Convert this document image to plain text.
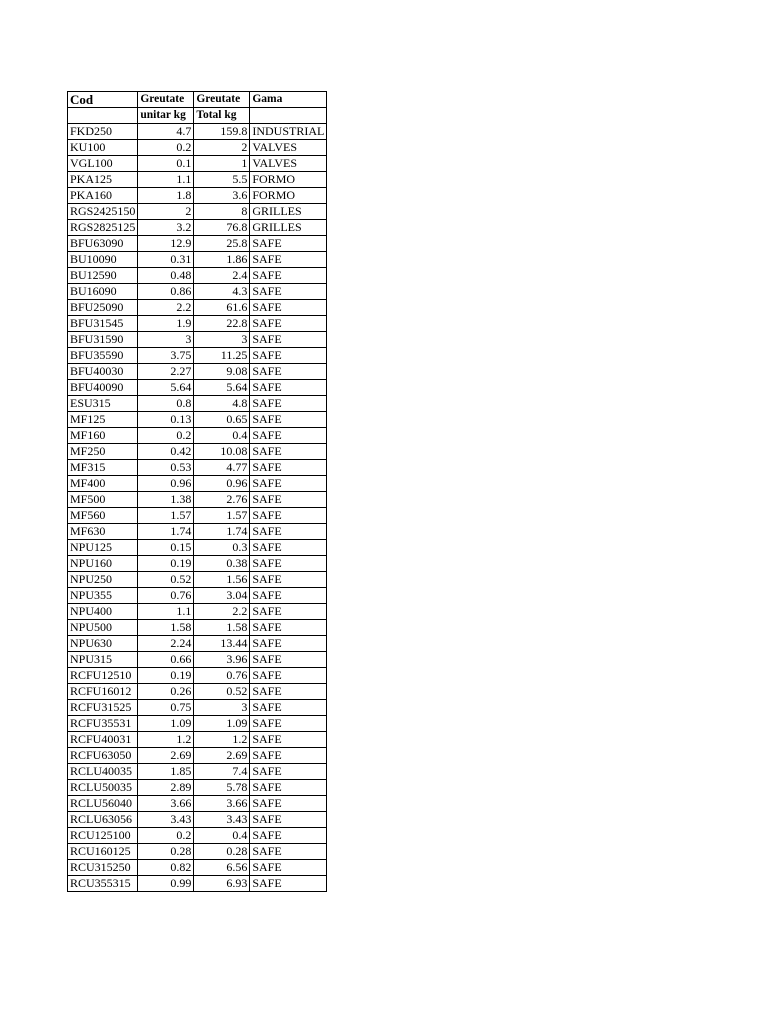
Cod	Greutate	Greutate	Gama
	unitar kg	Total kg	
FKD250	4.7	159.8	INDUSTRIAL
KU100	0.2	2	VALVES
VGL100	0.1	1	VALVES
PKA125	1.1	5.5	FORMO
PKA160	1.8	3.6	FORMO
RGS2425150	2	8	GRILLES
RGS2825125	3.2	76.8	GRILLES
BFU63090	12.9	25.8	SAFE
BU10090	0.31	1.86	SAFE
BU12590	0.48	2.4	SAFE
BU16090	0.86	4.3	SAFE
BFU25090	2.2	61.6	SAFE
BFU31545	1.9	22.8	SAFE
BFU31590	3	3	SAFE
BFU35590	3.75	11.25	SAFE
BFU40030	2.27	9.08	SAFE
BFU40090	5.64	5.64	SAFE
ESU315	0.8	4.8	SAFE
MF125	0.13	0.65	SAFE
MF160	0.2	0.4	SAFE
MF250	0.42	10.08	SAFE
MF315	0.53	4.77	SAFE
MF400	0.96	0.96	SAFE
MF500	1.38	2.76	SAFE
MF560	1.57	1.57	SAFE
MF630	1.74	1.74	SAFE
NPU125	0.15	0.3	SAFE
NPU160	0.19	0.38	SAFE
NPU250	0.52	1.56	SAFE
NPU355	0.76	3.04	SAFE
NPU400	1.1	2.2	SAFE
NPU500	1.58	1.58	SAFE
NPU630	2.24	13.44	SAFE
NPU315	0.66	3.96	SAFE
RCFU12510	0.19	0.76	SAFE
RCFU16012	0.26	0.52	SAFE
RCFU31525	0.75	3	SAFE
RCFU35531	1.09	1.09	SAFE
RCFU40031	1.2	1.2	SAFE
RCFU63050	2.69	2.69	SAFE
RCLU40035	1.85	7.4	SAFE
RCLU50035	2.89	5.78	SAFE
RCLU56040	3.66	3.66	SAFE
RCLU63056	3.43	3.43	SAFE
RCU125100	0.2	0.4	SAFE
RCU160125	0.28	0.28	SAFE
RCU315250	0.82	6.56	SAFE
RCU355315	0.99	6.93	SAFE
